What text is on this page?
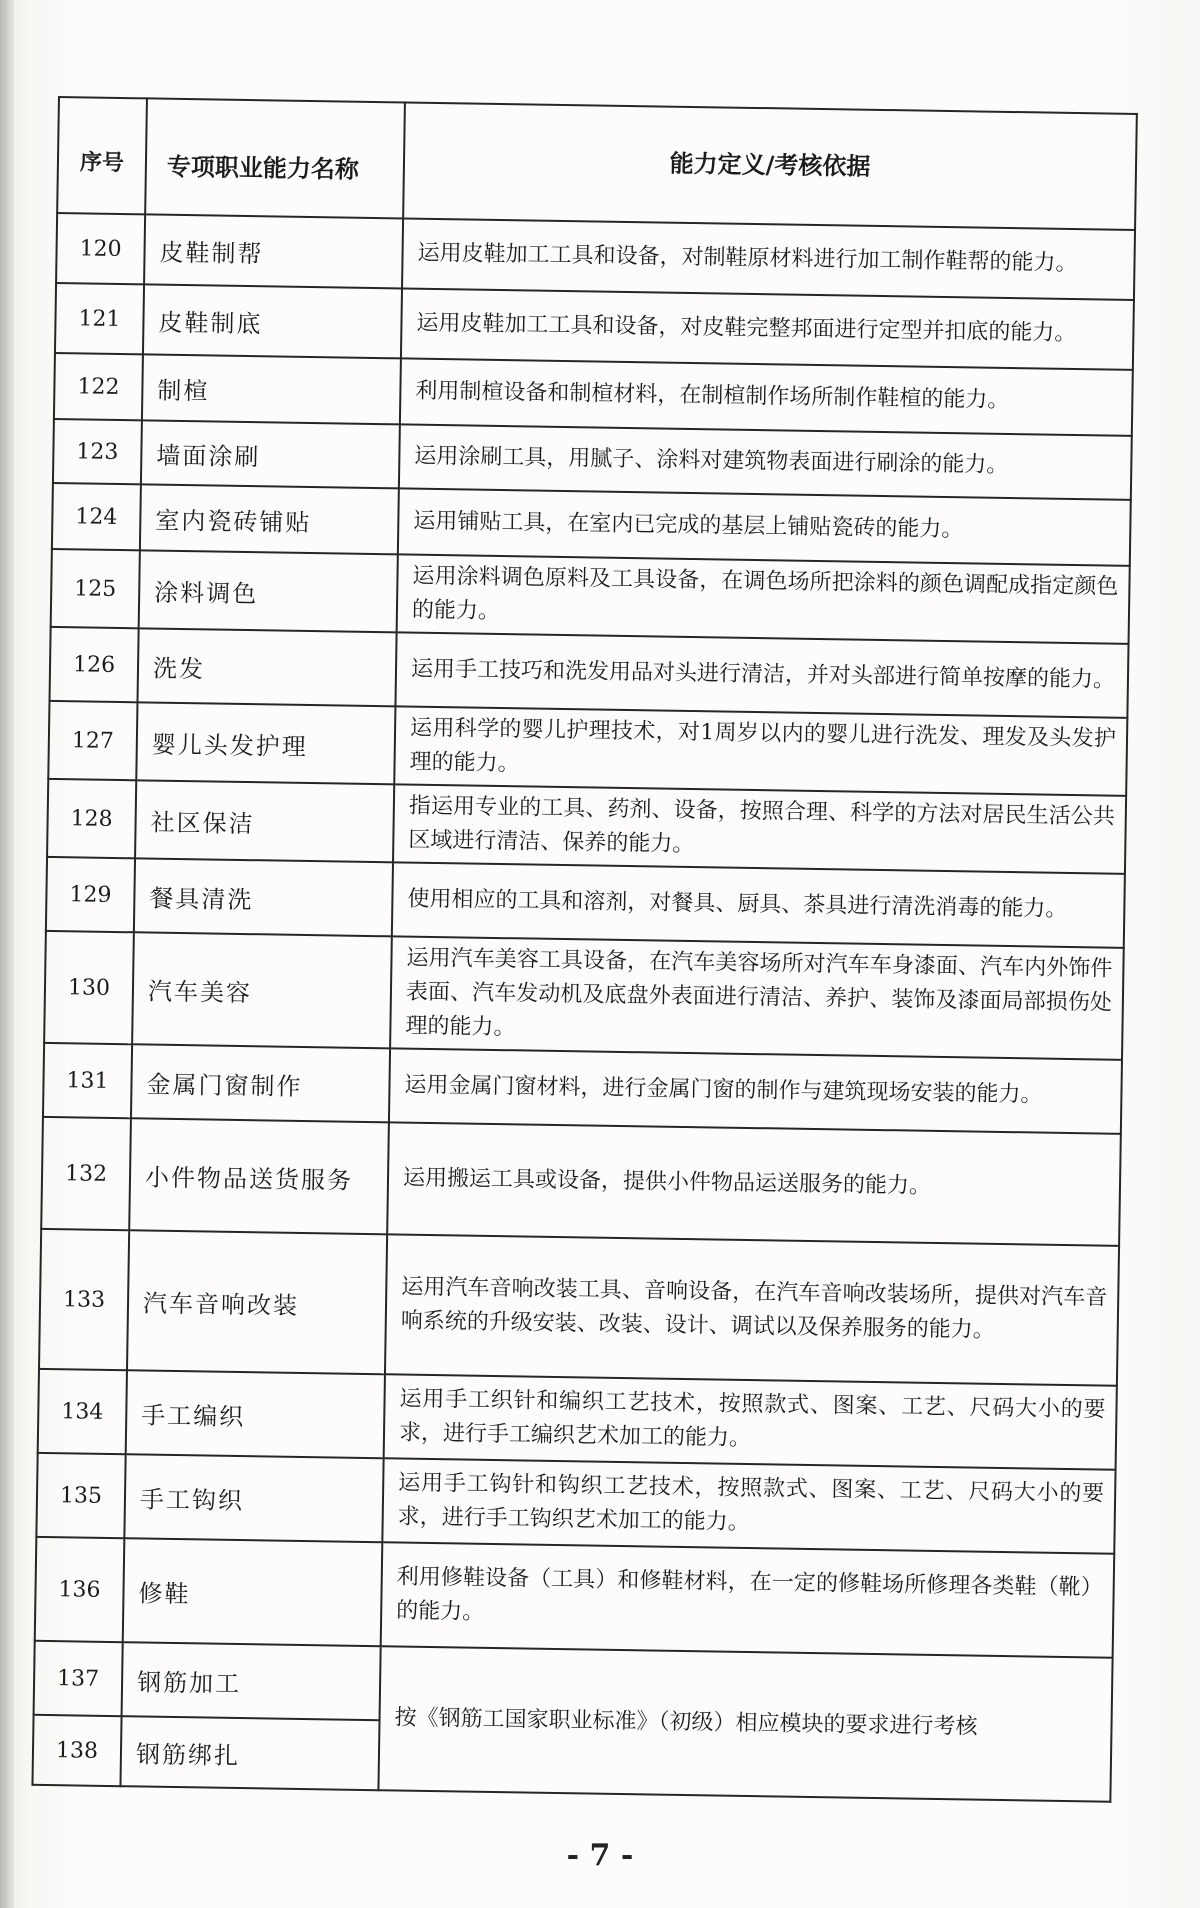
序号	专项职业能力名称	能力定义/考核依据
120	皮鞋制帮	运用皮鞋加工工具和设备，对制鞋原材料进行加工制作鞋帮的能力。
121	皮鞋制底	运用皮鞋加工工具和设备，对皮鞋完整邦面进行定型并扣底的能力。
122	制楦	利用制楦设备和制楦材料，在制楦制作场所制作鞋楦的能力。
123	墙面涂刷	运用涂刷工具，用腻子、涂料对建筑物表面进行刷涂的能力。
124	室内瓷砖铺贴	运用铺贴工具，在室内已完成的基层上铺贴瓷砖的能力。
125	涂料调色	运用涂料调色原料及工具设备，在调色场所把涂料的颜色调配成指定颜色的能力。
126	洗发	运用手工技巧和洗发用品对头进行清洁，并对头部进行简单按摩的能力。
127	婴儿头发护理	运用科学的婴儿护理技术，对1周岁以内的婴儿进行洗发、理发及头发护理的能力。
128	社区保洁	指运用专业的工具、药剂、设备，按照合理、科学的方法对居民生活公共区域进行清洁、保养的能力。
129	餐具清洗	使用相应的工具和溶剂，对餐具、厨具、茶具进行清洗消毒的能力。
130	汽车美容	运用汽车美容工具设备，在汽车美容场所对汽车车身漆面、汽车内外饰件表面、汽车发动机及底盘外表面进行清洁、养护、装饰及漆面局部损伤处理的能力。
131	金属门窗制作	运用金属门窗材料，进行金属门窗的制作与建筑现场安装的能力。
132	小件物品送货服务	运用搬运工具或设备，提供小件物品运送服务的能力。
133	汽车音响改装	运用汽车音响改装工具、音响设备，在汽车音响改装场所，提供对汽车音响系统的升级安装、改装、设计、调试以及保养服务的能力。
134	手工编织	运用手工织针和编织工艺技术，按照款式、图案、工艺、尺码大小的要求，进行手工编织艺术加工的能力。
135	手工钩织	运用手工钩针和钩织工艺技术，按照款式、图案、工艺、尺码大小的要求，进行手工钩织艺术加工的能力。
136	修鞋	利用修鞋设备（工具）和修鞋材料，在一定的修鞋场所修理各类鞋（靴）的能力。
137	钢筋加工	按《钢筋工国家职业标准》（初级）相应模块的要求进行考核
138	钢筋绑扎	
- 7 -
